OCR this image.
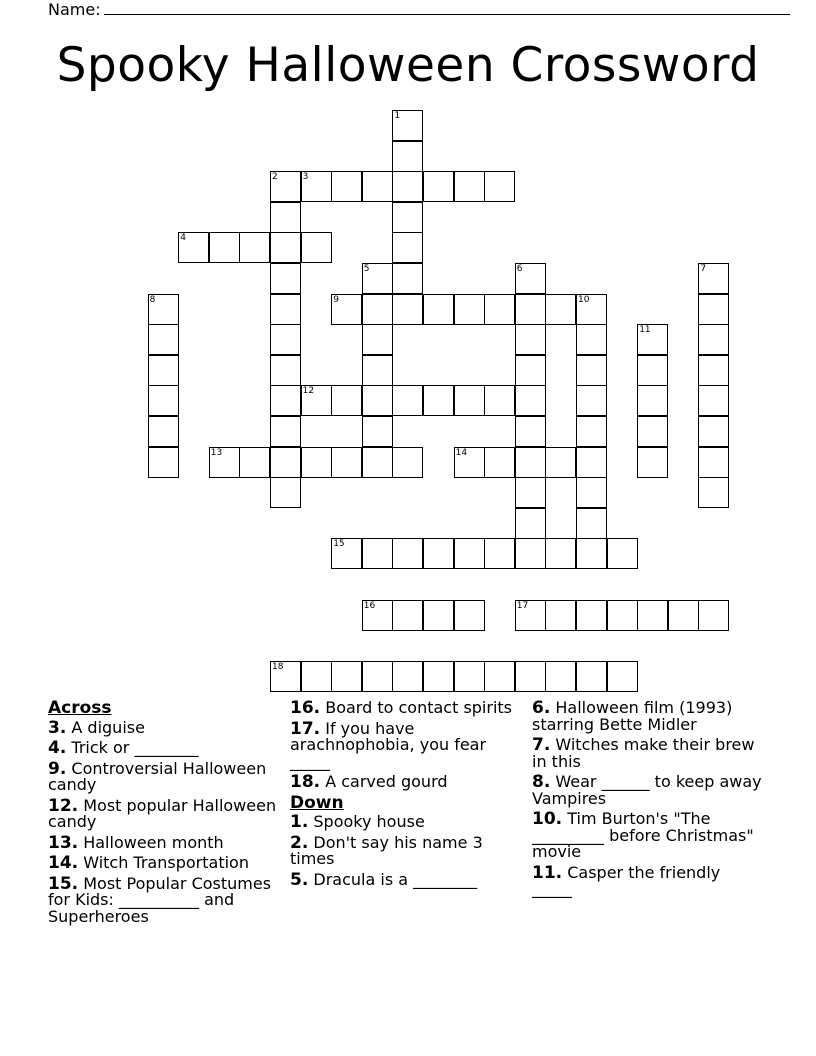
Name:
Spooky Halloween Crossword
1
2	3
4
5	6	7
8	9	10
11
12
13	14
15
16	17
18
Across
3. A diguise
4. Trick or ________
9. Controversial Halloween candy
12. Most popular Halloween candy
13. Halloween month
14. Witch Transportation
15. Most Popular Costumes for Kids: __________ and Superheroes
16. Board to contact spirits
17. If you have arachnophobia, you fear _____
18. A carved gourd
Down
1. Spooky house
2. Don't say his name 3 times
5. Dracula is a ________
6. Halloween film (1993) starring Bette Midler
7. Witches make their brew in this
8. Wear ______ to keep away Vampires
10. Tim Burton's "The _________ before Christmas" movie
11. Casper the friendly _____
